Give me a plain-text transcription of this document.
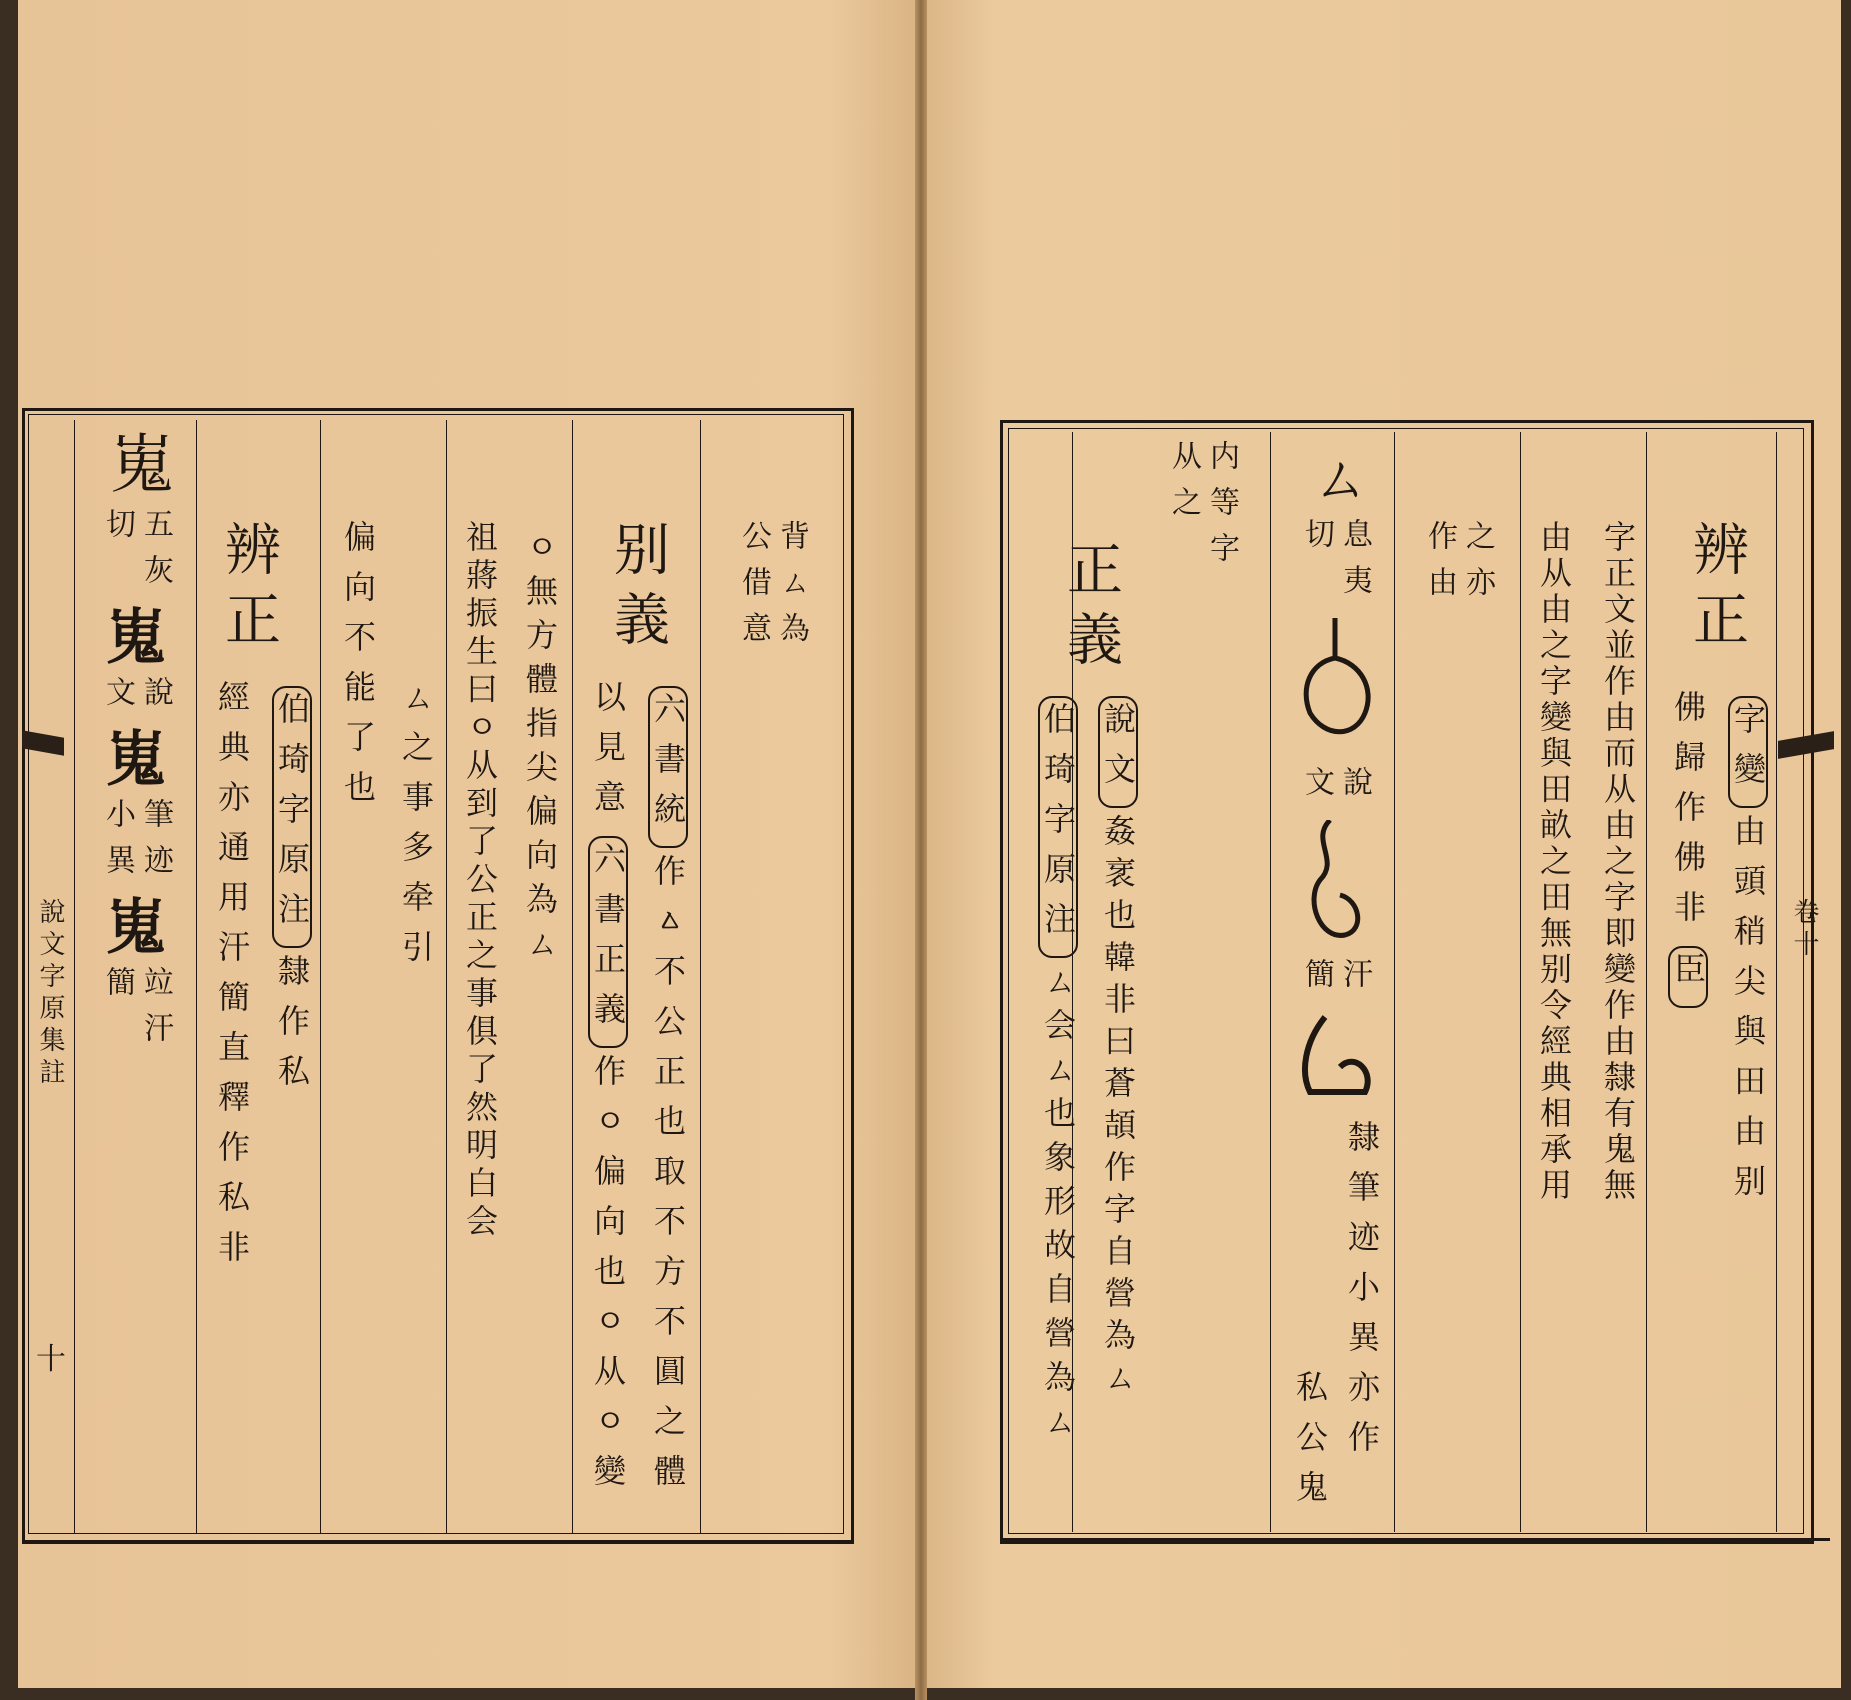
說文字原集註
十
背ㄙ為
公借意
别義
六書統
作ㅿ不公正也取不方不圓之體
以見意
六書正義
作ㅇ偏向也ㅇ从ㅇ變
ㅇ無方體指尖偏向為ㄙ
祖蔣振生曰ㅇ从到了公正之事俱了然明白会
ㄙ之事多牵引
偏向不能了也
辨正
伯琦字原注
隸作私
經典亦通用汗簡直釋作私非
嵬
五灰
切
嵬
說
文
嵬
筆迹
小異
嵬
竝汗
簡
卷十
辨正
字變
由頭稍尖與田由别
佛歸作佛非
臣
字正文並作由而从由之字即變作由隸有鬼無
由从由之字變與田畝之田無别令經典相承用
之亦
作由
ㄙ
息夷
切
說
文
汗
簡
隸筆迹小異亦作
私公鬼
内等字
从之
正義
說文
姦衺也韓非曰蒼頡作字自營為ㄙ
伯琦字原注
ㄙ会ㄙ也象形故自營為ㄙ
